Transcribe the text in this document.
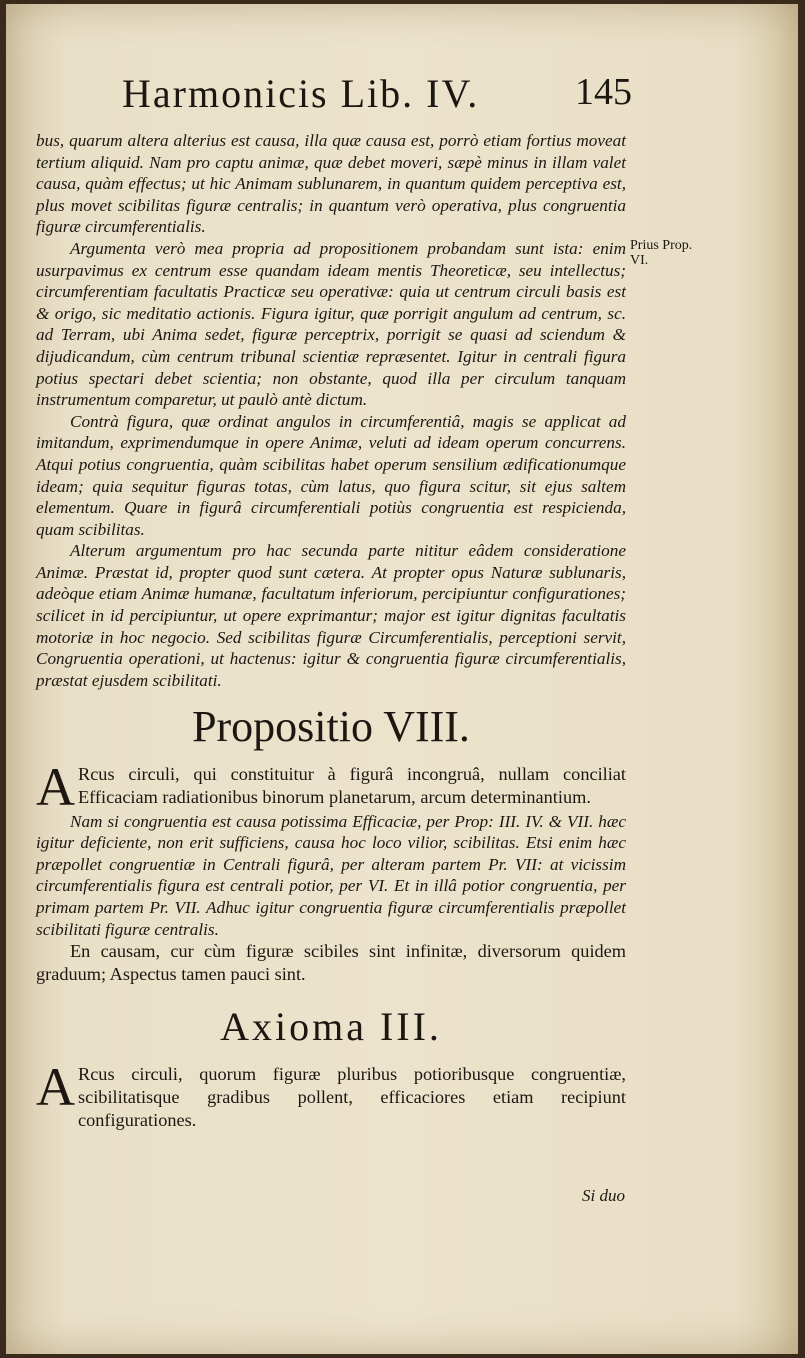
Harmonicis Lib. IV.	145
Prius Prop.
VI.

bus, quarum altera alterius est causa, illa quæ causa est, porrò etiam fortius moveat tertium aliquid. Nam pro captu animæ, quæ debet moveri, sæpè minus in illam valet causa, quàm effectus; ut hic Animam sublunarem, in quantum quidem perceptiva est, plus movet scibilitas figuræ centralis; in quantum verò operativa, plus congruentia figuræ circumferentialis.

Argumenta verò mea propria ad propositionem probandam sunt ista: enim usurpavimus ex centrum esse quandam ideam mentis Theoreticæ, seu intellectus; circumferentiam facultatis Practicæ seu operativæ: quia ut centrum circuli basis est & origo, sic meditatio actionis. Figura igitur, quæ porrigit angulum ad centrum, sc. ad Terram, ubi Anima sedet, figuræ perceptrix, porrigit se quasi ad sciendum & dijudicandum, cùm centrum tribunal scientiæ repræsentet. Igitur in centrali figura potius spectari debet scientia; non obstante, quod illa per circulum tanquam instrumentum comparetur, ut paulò antè dictum.

Contrà figura, quæ ordinat angulos in circumferentiâ, magis se applicat ad imitandum, exprimendumque in opere Animæ, veluti ad ideam operum concurrens. Atqui potius congruentia, quàm scibilitas habet operum sensilium ædificationumque ideam; quia sequitur figuras totas, cùm latus, quo figura scitur, sit ejus saltem elementum. Quare in figurâ circumferentiali potiùs congruentia est respicienda, quam scibilitas.

Alterum argumentum pro hac secunda parte nititur eâdem consideratione Animæ. Præstat id, propter quod sunt cætera. At propter opus Naturæ sublunaris, adeòque etiam Animæ humanæ, facultatum inferiorum, percipiuntur configurationes; scilicet in id percipiuntur, ut opere exprimantur; major est igitur dignitas facultatis motoriæ in hoc negocio. Sed scibilitas figuræ Circumferentialis, perceptioni servit, Congruentia operationi, ut hactenus: igitur & congruentia figuræ circumferentialis, præstat ejusdem scibilitati.

Propositio VIII.
A Rcus circuli, qui constituitur à figurâ incongruâ, nullam conciliat Efficaciam radiationibus binorum planetarum, arcum determinantium.

Nam si congruentia est causa potissima Efficaciæ, per Prop: III. IV. & VII. hæc igitur deficiente, non erit sufficiens, causa hoc loco vilior, scibilitas. Etsi enim hæc præpollet congruentiæ in Centrali figurâ, per alteram partem Pr. VII: at vicissim circumferentialis figura est centrali potior, per VI. Et in illâ potior congruentia, per primam partem Pr. VII. Adhuc igitur congruentia figuræ circumferentialis præpollet scibilitati figuræ centralis.

En causam, cur cùm figuræ scibiles sint infinitæ, diversorum quidem graduum; Aspectus tamen pauci sint.

Axioma III.
A Rcus circuli, quorum figuræ pluribus potioribusque congruentiæ, scibilitatisque gradibus pollent, efficaciores etiam recipiunt configurationes.

Si duo
